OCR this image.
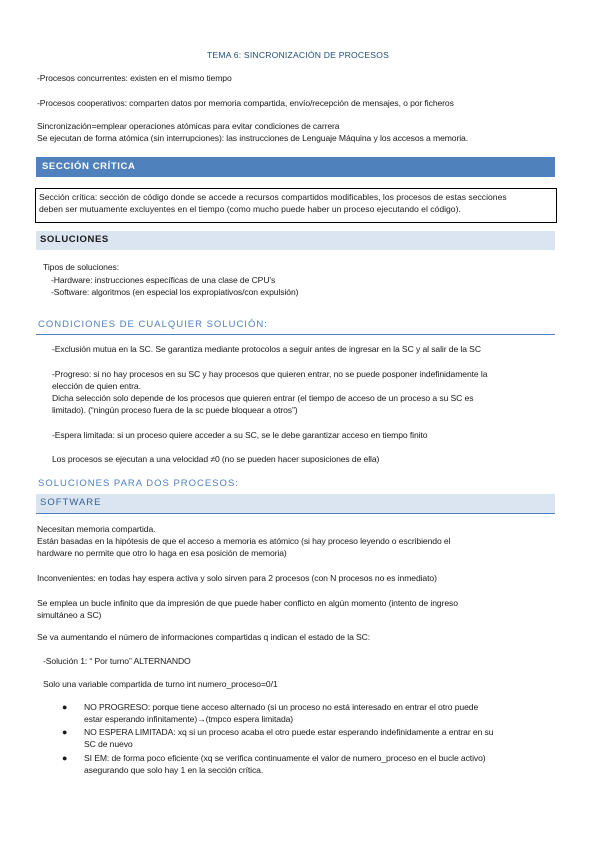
TEMA 6: SINCRONIZACIÓN DE PROCESOS
-Procesos concurrentes: existen en el mismo tiempo
-Procesos cooperativos: comparten datos por memoria compartida, envío/recepción de mensajes, o por ficheros
Sincronización=emplear operaciones atómicas para evitar condiciones de carrera
Se ejecutan de forma atómica (sin interrupciones): las instrucciones de Lenguaje Máquina y los accesos a memoria.
SECCIÓN CRÍTICA
Sección crítica: sección de código donde se accede a recursos compartidos modificables, los procesos de estas secciones
deben ser mutuamente excluyentes en el tiempo (como mucho puede haber un proceso ejecutando el código).
SOLUCIONES
Tipos de soluciones:
-Hardware: instrucciones específicas de una clase de CPU's
-Software: algoritmos (en especial los expropiativos/con expulsión)
CONDICIONES DE CUALQUIER SOLUCIÓN:
-Exclusión mutua en la SC. Se garantiza mediante protocolos a seguir antes de ingresar en la SC y al salir de la SC
-Progreso: si no hay procesos en su SC y hay procesos que quieren entrar, no se puede posponer indefinidamente la
elección de quien entra.
Dicha selección solo depende de los procesos que quieren entrar (el tiempo de acceso de un proceso a su SC es
limitado). (“ningún proceso fuera de la sc puede bloquear a otros”)
-Espera limitada: si un proceso quiere acceder a su SC, se le debe garantizar acceso en tiempo finito
Los procesos se ejecutan a una velocidad ≠0 (no se pueden hacer suposiciones de ella)
SOLUCIONES PARA DOS PROCESOS:
SOFTWARE
Necesitan memoria compartida.
Están basadas en la hipótesis de que el acceso a memoria es atómico (si hay proceso leyendo o escribiendo el
hardware no permite que otro lo haga en esa posición de memoria)
Inconvenientes: en todas hay espera activa y solo sirven para 2 procesos (con N procesos no es inmediato)
Se emplea un bucle infinito que da impresión de que puede haber conflicto en algún momento (intento de ingreso
simultáneo a SC)
Se va aumentando el número de informaciones compartidas q indican el estado de la SC:
-Solución 1: “ Por turno” ALTERNANDO
Solo una variable compartida de turno int numero_proceso=0/1
● NO PROGRESO: porque tiene acceso alternado (si un proceso no está interesado en entrar el otro puede
estar esperando infinitamente)→(tmpco espera limitada)
● NO ESPERA LIMITADA: xq si un proceso acaba el otro puede estar esperando indefinidamente a entrar en su
SC de nuevo
● SI EM: de forma poco eficiente (xq se verifica continuamente el valor de numero_proceso en el bucle activo)
asegurando que solo hay 1 en la sección crítica.
